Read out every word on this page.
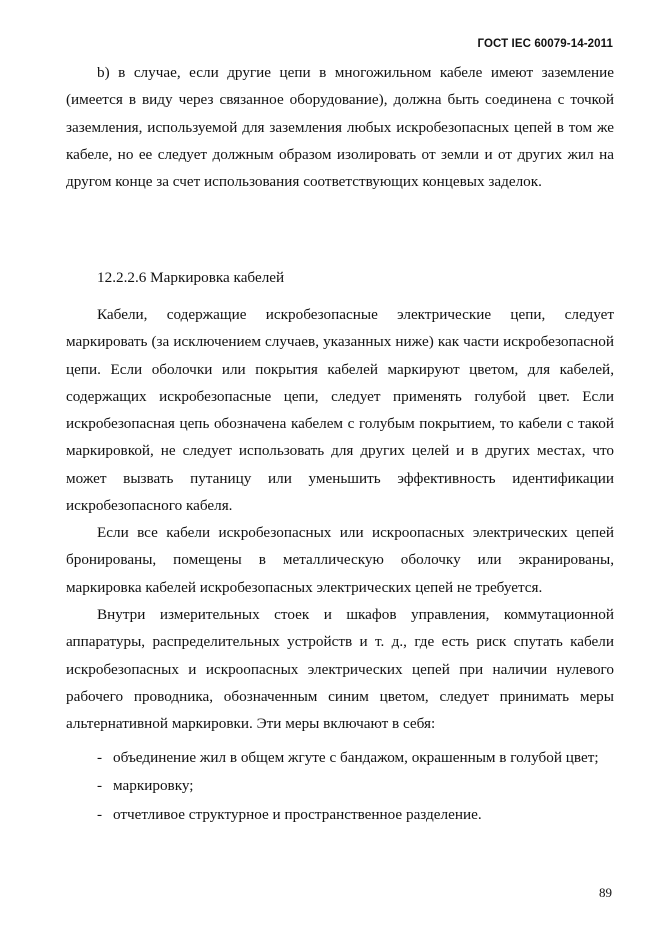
ГОСТ IEC 60079-14-2011

b) в случае, если другие цепи в многожильном кабеле имеют заземление (имеется в виду через связанное оборудование), должна быть соединена с точкой заземления, используемой для заземления любых искробезопасных цепей в том же кабеле, но ее следует должным образом изолировать от земли и от других жил на другом конце за счет использования соответствующих концевых заделок.

12.2.2.6 Маркировка кабелей

Кабели, содержащие искробезопасные электрические цепи, следует маркировать (за исключением случаев, указанных ниже) как части искробезопасной цепи. Если оболочки или покрытия кабелей маркируют цветом, для кабелей, содержащих искробезопасные цепи, следует применять голубой цвет. Если искробезопасная цепь обозначена кабелем с голубым покрытием, то кабели с такой маркировкой, не следует использовать для других целей и в других местах, что может вызвать путаницу или уменьшить эффективность идентификации искробезопасного кабеля.

Если все кабели искробезопасных или искроопасных электрических цепей бронированы, помещены в металлическую оболочку или экранированы, маркировка кабелей искробезопасных электрических цепей не требуется.

Внутри измерительных стоек и шкафов управления, коммутационной аппаратуры, распределительных устройств и т. д., где есть риск спутать кабели искробезопасных и искроопасных электрических цепей при наличии нулевого рабочего проводника, обозначенным синим цветом, следует принимать меры альтернативной маркировки. Эти меры включают в себя:

- объединение жил в общем жгуте с бандажом, окрашенным в голубой цвет;

- маркировку;

- отчетливое структурное и пространственное разделение.

89
